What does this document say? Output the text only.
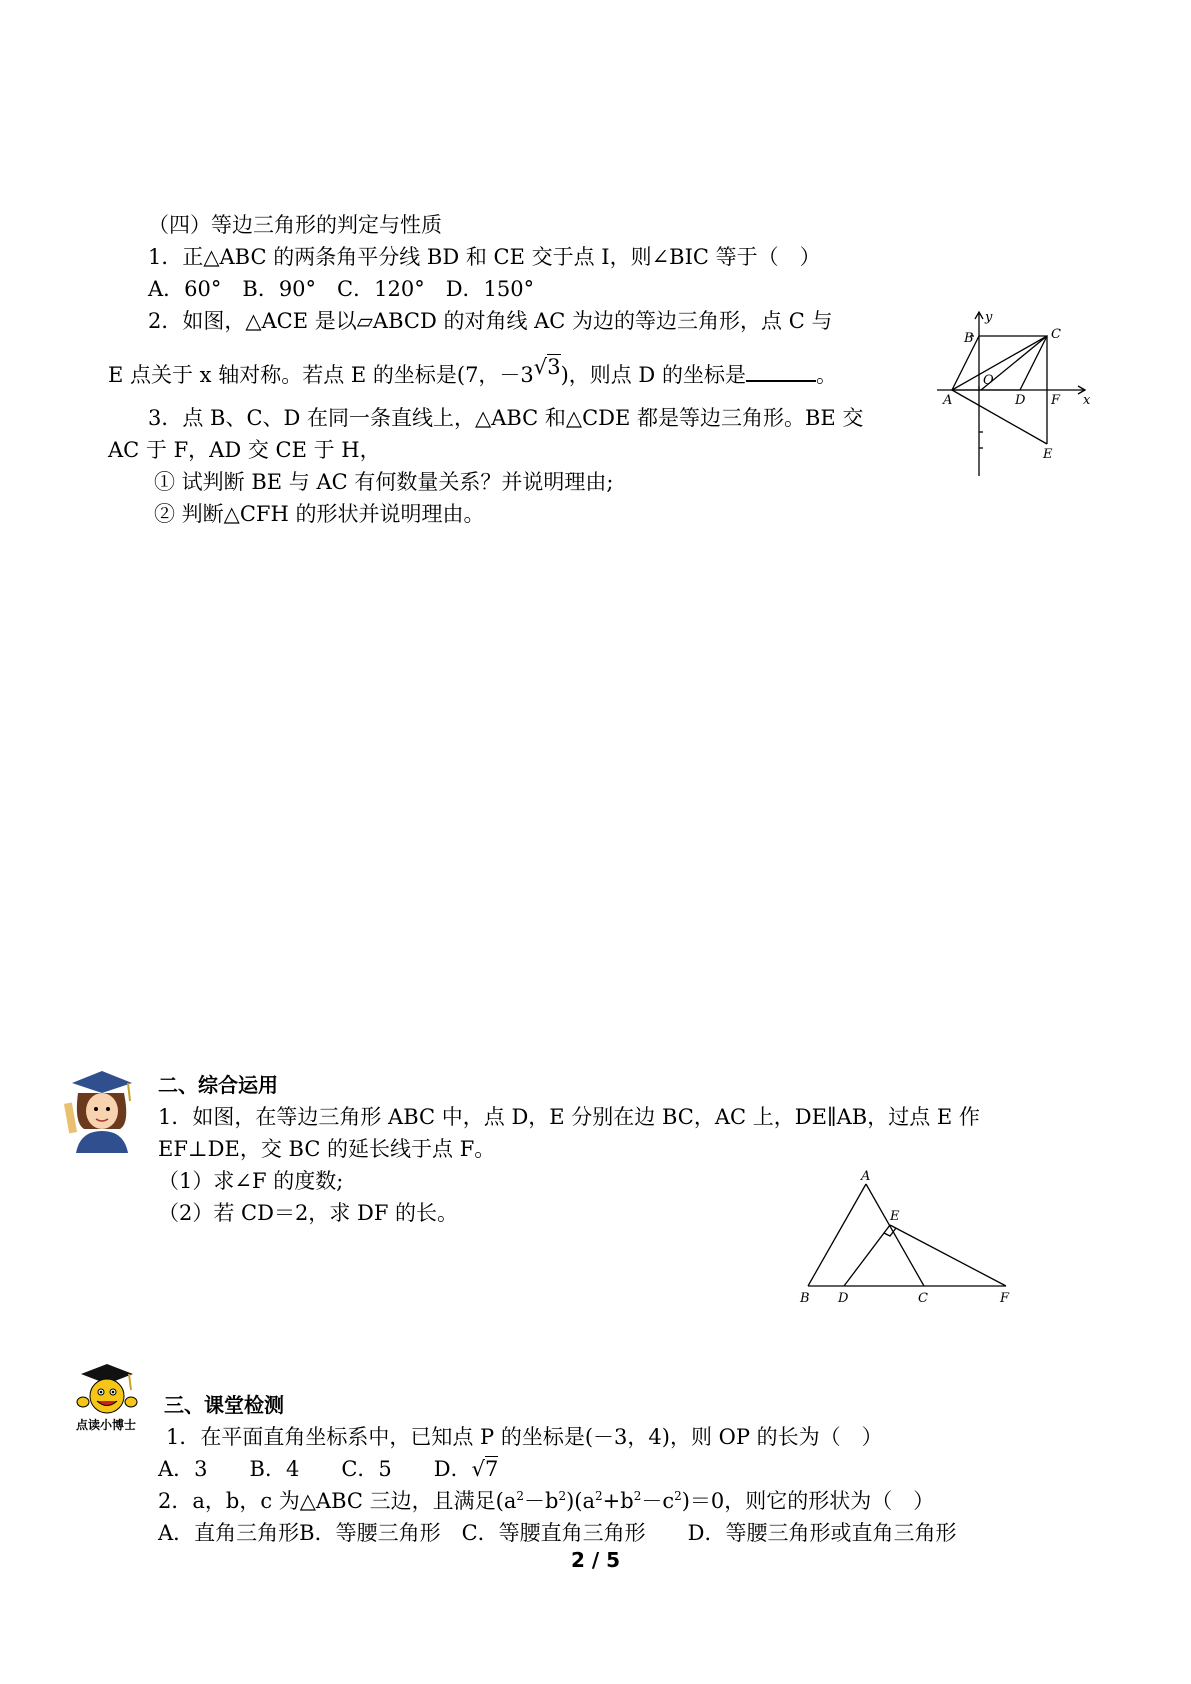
（四）等边三角形的判定与性质
1．正△ABC 的两条角平分线 BD 和 CE 交于点 I，则∠BIC 等于（　）
A．60°　B．90°　C．120°　D．150°
2．如图，△ACE 是以▱ABCD 的对角线 AC 为边的等边三角形，点 C 与
E 点关于 x 轴对称。若点 E 的坐标是(7，－3√3)，则点 D 的坐标是	。
3．点 B、C、D 在同一条直线上，△ABC 和△CDE 都是等边三角形。BE 交
AC 于 F，AD 交 CE 于 H，
① 试判断 BE 与 AC 有何数量关系？并说明理由;
② 判断△CFH 的形状并说明理由。
y
x
B	C
O
A	D F
E
二、综合运用
1．如图，在等边三角形 ABC 中，点 D，E 分别在边 BC，AC 上，DE∥AB，过点 E 作
EF⊥DE，交 BC 的延长线于点 F。
（1）求∠F 的度数;
（2）若 CD＝2，求 DF 的长。
A
E
B D	C	F
点读小博士
三、课堂检测
1．在平面直角坐标系中，已知点 P 的坐标是(－3，4)，则 OP 的长为（　）
A．3　　B．4　　C．5　　D．√7
2．a，b，c 为△ABC 三边，且满足$(a^2-b^2)(a^2+b^2-c^2)=0$，则它的形状为（　）
A．直角三角形B．等腰三角形　C．等腰直角三角形　　D．等腰三角形或直角三角形
2 / 5
